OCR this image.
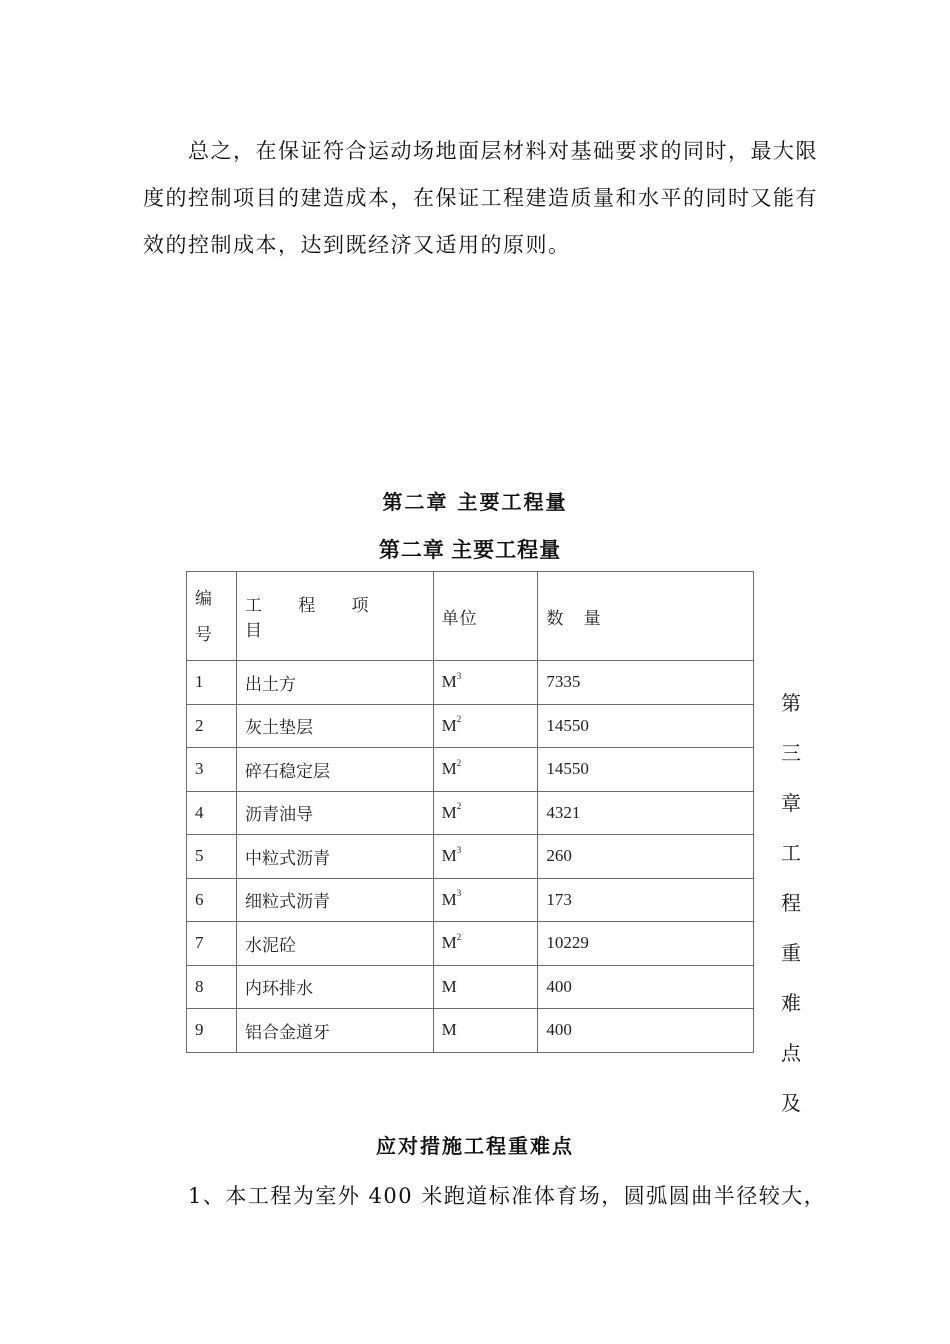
总之，在保证符合运动场地面层材料对基础要求的同时，最大限度的控制项目的建造成本，在保证工程建造质量和水平的同时又能有效的控制成本，达到既经济又适用的原则。

第二章 主要工程量
第二章 主要工程量
编号	工 程 项 目	单位	数 量
1	出土方	$M^3$	7335
2	灰土垫层	$M^2$	14550
3	碎石稳定层	$M^2$	14550
4	沥青油导	$M^2$	4321
5	中粒式沥青	$M^3$	260
6	细粒式沥青	$M^3$	173
7	水泥砼	$M^2$	10229
8	内环排水	M	400
9	铝合金道牙	M	400
第
三
章
工
程
重
难
点
及
应对措施工程重难点

1、本工程为室外 400 米跑道标准体育场，圆弧圆曲半径较大，
